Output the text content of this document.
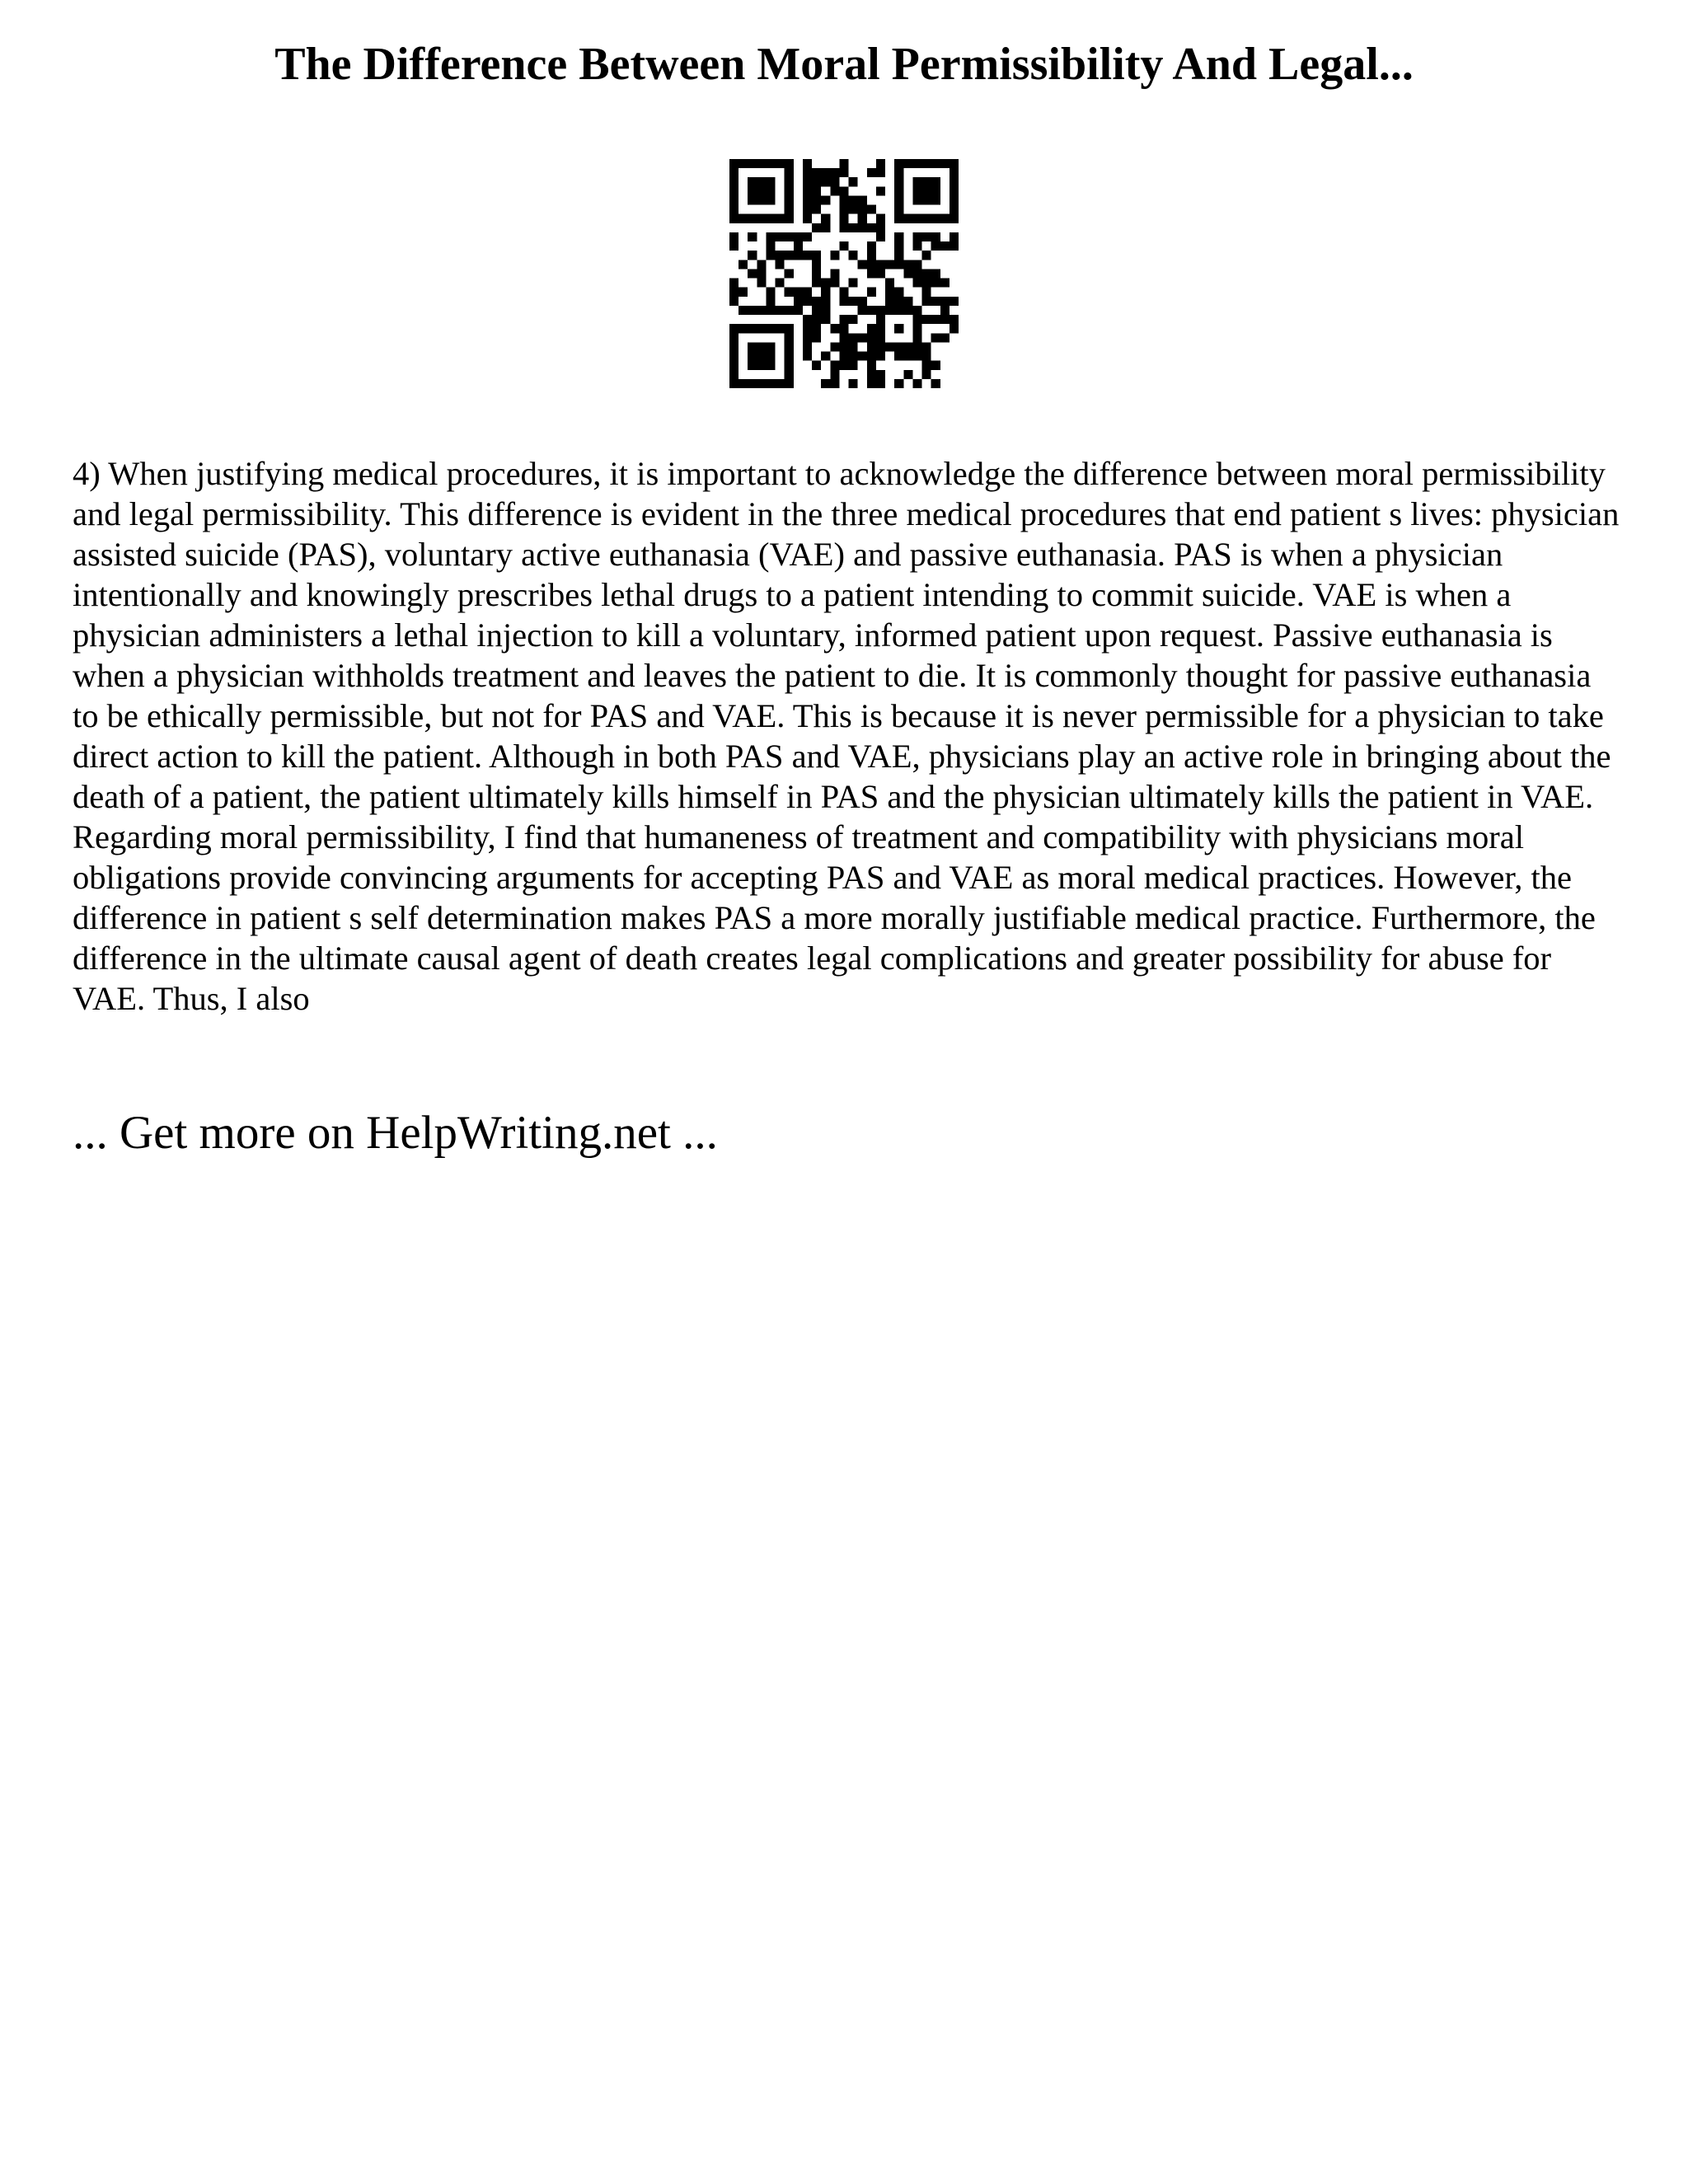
The Difference Between Moral Permissibility And Legal...

4) When justifying medical procedures, it is important to acknowledge the difference between moral permissibility and legal permissibility. This difference is evident in the three medical procedures that end patient s lives: physician assisted suicide (PAS), voluntary active euthanasia (VAE) and passive euthanasia. PAS is when a physician intentionally and knowingly prescribes lethal drugs to a patient intending to commit suicide. VAE is when a physician administers a lethal injection to kill a voluntary, informed patient upon request. Passive euthanasia is when a physician withholds treatment and leaves the patient to die. It is commonly thought for passive euthanasia to be ethically permissible, but not for PAS and VAE. This is because it is never permissible for a physician to take direct action to kill the patient. Although in both PAS and VAE, physicians play an active role in bringing about the death of a patient, the patient ultimately kills himself in PAS and the physician ultimately kills the patient in VAE. Regarding moral permissibility, I find that humaneness of treatment and compatibility with physicians moral obligations provide convincing arguments for accepting PAS and VAE as moral medical practices. However, the difference in patient s self determination makes PAS a more morally justifiable medical practice. Furthermore, the difference in the ultimate causal agent of death creates legal complications and greater possibility for abuse for VAE. Thus, I also

... Get more on HelpWriting.net ...
